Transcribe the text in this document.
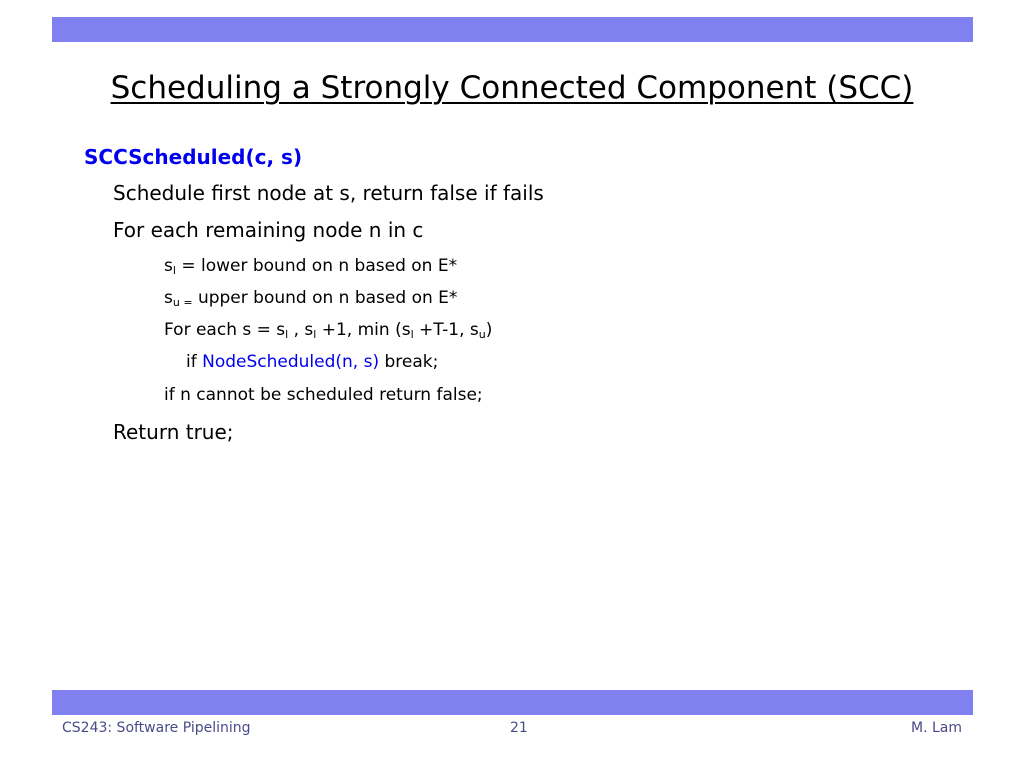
Scheduling a Strongly Connected Component (SCC)
SCCScheduled(c, s)
Schedule first node at s, return false if fails
For each remaining node n in c
$s_l$ = lower bound on n based on E*
$s_{u =}$ upper bound on n based on E*
For each $s = s_l$ , $s_l +1$, $\min (s_l +T-1$, $s_u$)
if NodeScheduled(n, s) break;
if n cannot be scheduled return false;
Return true;
CS243: Software Pipelining	21	M. Lam
